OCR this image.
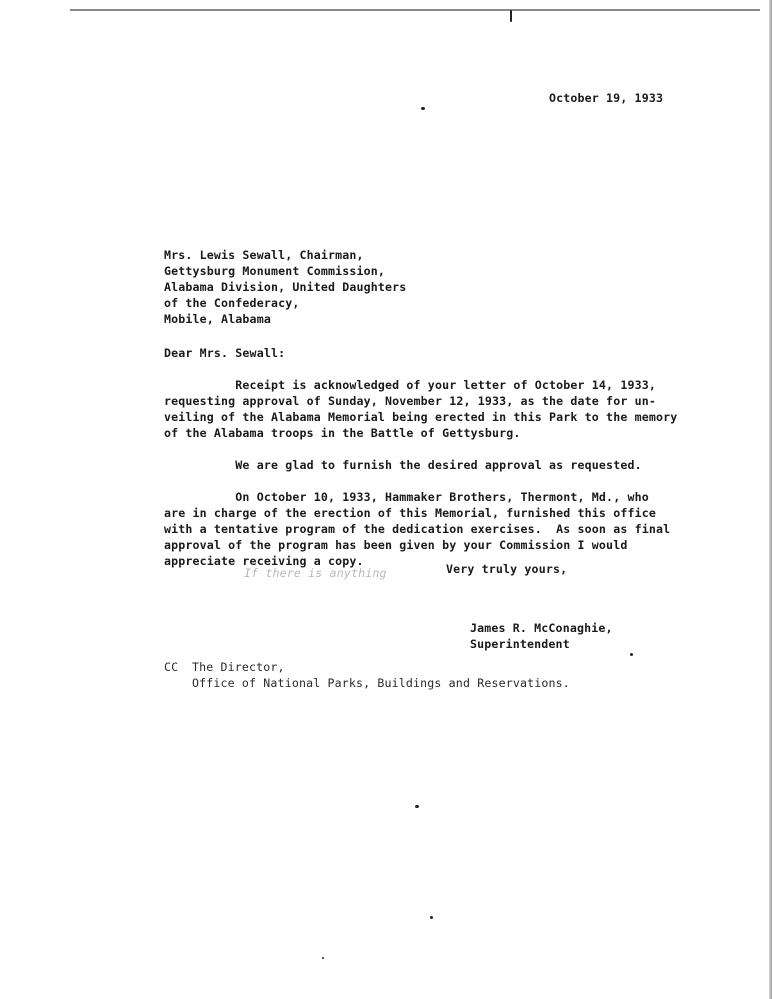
October 19, 1933
Mrs. Lewis Sewall, Chairman,
Gettysburg Monument Commission,
Alabama Division, United Daughters
of the Confederacy,
Mobile, Alabama
Dear Mrs. Sewall:
Receipt is acknowledged of your letter of October 14, 1933,
requesting approval of Sunday, November 12, 1933, as the date for un-
veiling of the Alabama Memorial being erected in this Park to the memory
of the Alabama troops in the Battle of Gettysburg.
We are glad to furnish the desired approval as requested.
On October 10, 1933, Hammaker Brothers, Thermont, Md., who
are in charge of the erection of this Memorial, furnished this office
with a tentative program of the dedication exercises.  As soon as final
approval of the program has been given by your Commission I would
appreciate receiving a copy.
If there is anything	Very truly yours,
James R. McConaghie,
Superintendent
CC The Director,
Office of National Parks, Buildings and Reservations.
